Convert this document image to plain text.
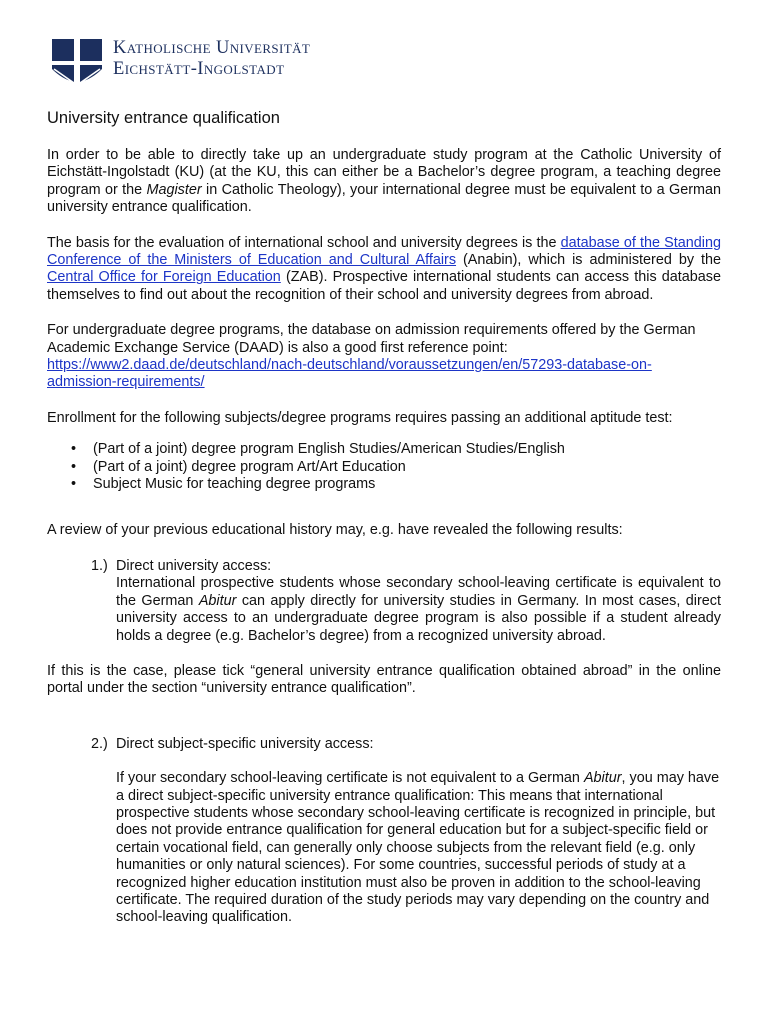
Katholische Universität
Eichstätt-Ingolstadt
University entrance qualification

In order to be able to directly take up an undergraduate study program at the Catholic University of Eichstätt-Ingolstadt (KU) (at the KU, this can either be a Bachelor’s degree program, a teaching degree program or the Magister in Catholic Theology), your international degree must be equivalent to a German university entrance qualification.

The basis for the evaluation of international school and university degrees is the database of the Standing Conference of the Ministers of Education and Cultural Affairs (Anabin), which is administered by the Central Office for Foreign Education (ZAB). Prospective international students can access this database themselves to find out about the recognition of their school and university degrees from abroad.

For undergraduate degree programs, the database on admission requirements offered by the German Academic Exchange Service (DAAD) is also a good first reference point:
https://www2.daad.de/deutschland/nach-deutschland/voraussetzungen/en/57293-database-on-admission-requirements/

Enrollment for the following subjects/degree programs requires passing an additional aptitude test:

• (Part of a joint) degree program English Studies/American Studies/English
• (Part of a joint) degree program Art/Art Education
• Subject Music for teaching degree programs

A review of your previous educational history may, e.g. have revealed the following results:

1.) Direct university access:

International prospective students whose secondary school-leaving certificate is equivalent to the German Abitur can apply directly for university studies in Germany. In most cases, direct university access to an undergraduate degree program is also possible if a student already holds a degree (e.g. Bachelor’s degree) from a recognized university abroad.

If this is the case, please tick “general university entrance qualification obtained abroad” in the online portal under the section “university entrance qualification”.

2.) Direct subject-specific university access:

If your secondary school-leaving certificate is not equivalent to a German Abitur, you may have a direct subject-specific university entrance qualification: This means that international prospective students whose secondary school-leaving certificate is recognized in principle, but does not provide entrance qualification for general education but for a subject-specific field or certain vocational field, can generally only choose subjects from the relevant field (e.g. only humanities or only natural sciences). For some countries, successful periods of study at a recognized higher education institution must also be proven in addition to the school-leaving certificate. The required duration of the study periods may vary depending on the country and school-leaving qualification.
